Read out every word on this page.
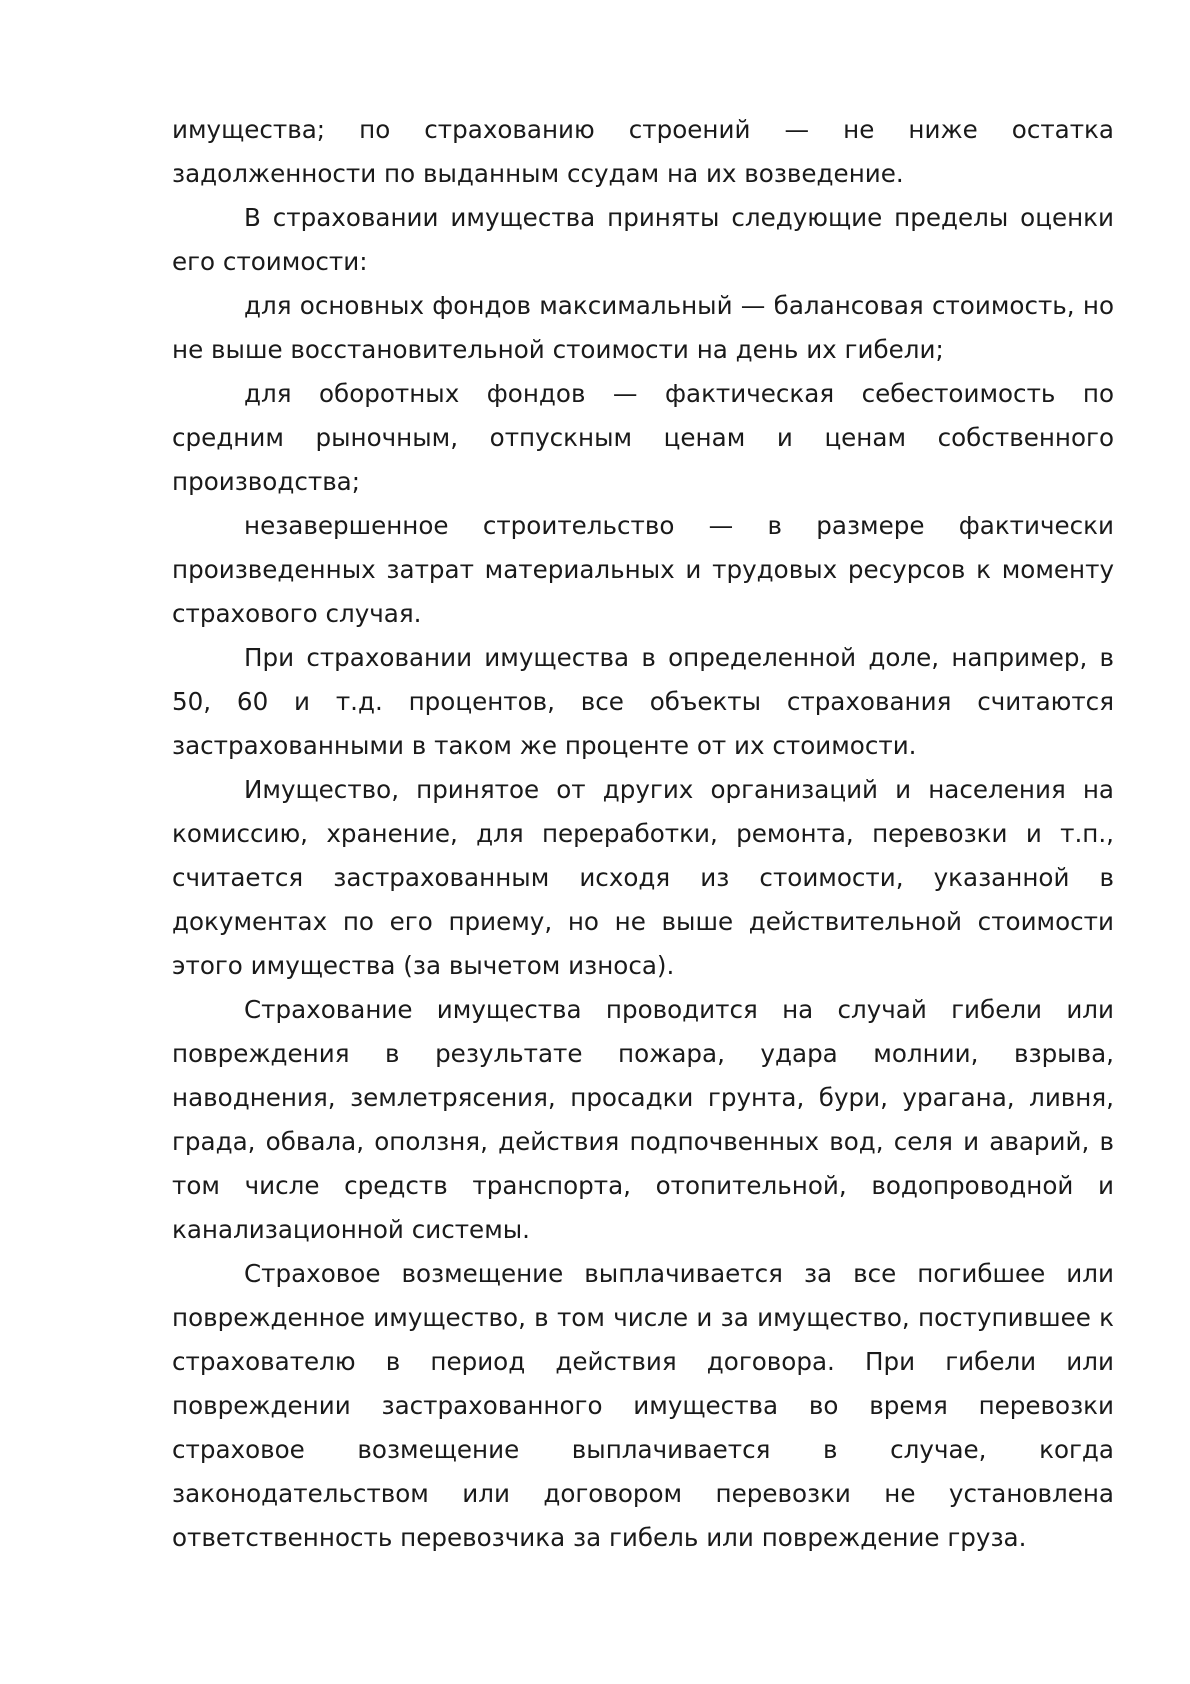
имущества; по страхованию строений — не ниже остатка задолженности по выданным ссудам на их возведение.

В страховании имущества приняты следующие пределы оценки его стоимости:

для основных фондов максимальный — балансовая стоимость, но не выше восстановительной стоимости на день их гибели;

для оборотных фондов — фактическая себестоимость по средним рыночным, отпускным ценам и ценам собственного производства;

незавершенное строительство — в размере фактически произведенных затрат материальных и трудовых ресурсов к моменту страхового случая.

При страховании имущества в определенной доле, например, в 50, 60 и т.д. процентов, все объекты страхования считаются застрахованными в таком же проценте от их стоимости.

Имущество, принятое от других организаций и населения на комиссию, хранение, для переработки, ремонта, перевозки и т.п., считается застрахованным исходя из стоимости, указанной в документах по его приему, но не выше действительной стоимости этого имущества (за вычетом износа).

Страхование имущества проводится на случай гибели или повреждения в результате пожара, удара молнии, взрыва, наводнения, землетрясения, просадки грунта, бури, урагана, ливня, града, обвала, оползня, действия подпочвенных вод, селя и аварий, в том числе средств транспорта, отопительной, водопроводной и канализационной системы.

Страховое возмещение выплачивается за все погибшее или поврежденное имущество, в том числе и за имущество, поступившее к страхователю в период действия договора. При гибели или повреждении застрахованного имущества во время перевозки страховое возмещение выплачивается в случае, когда законодательством или договором перевозки не установлена ответственность перевозчика за гибель или повреждение груза.
